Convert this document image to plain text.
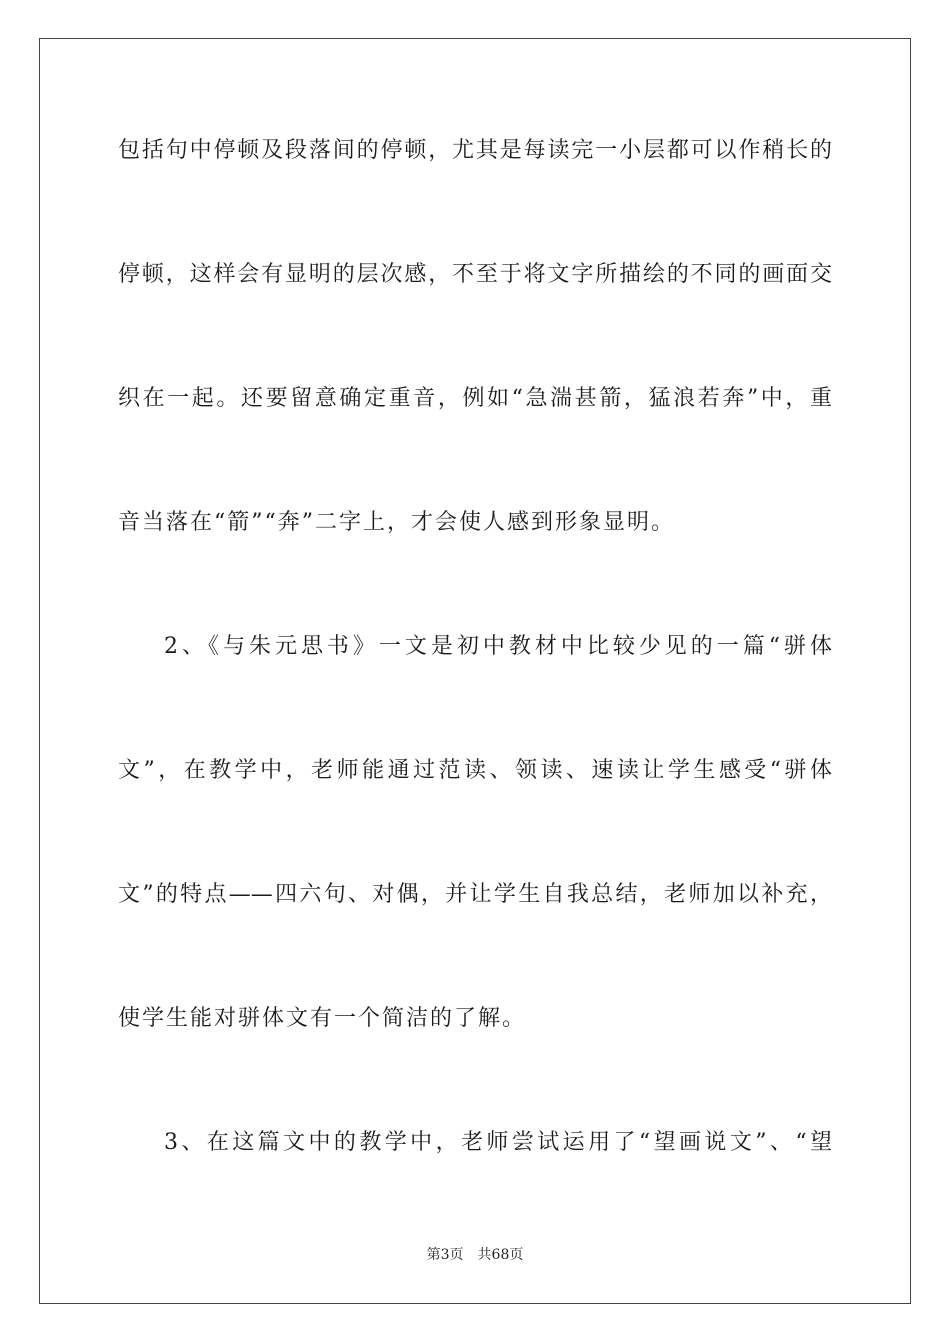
包括句中停顿及段落间的停顿，尤其是每读完一小层都可以作稍长的
停顿，这样会有显明的层次感，不至于将文字所描绘的不同的画面交
织在一起。还要留意确定重音，例如“急湍甚箭，猛浪若奔”中，重
音当落在“箭”“奔”二字上，才会使人感到形象显明。
2、《与朱元思书》一文是初中教材中比较少见的一篇“骈体
文”，在教学中，老师能通过范读、领读、速读让学生感受“骈体
文”的特点——四六句、对偶，并让学生自我总结，老师加以补充，
使学生能对骈体文有一个简洁的了解。
3、在这篇文中的教学中，老师尝试运用了“望画说文”、“望
第3页 共68页
